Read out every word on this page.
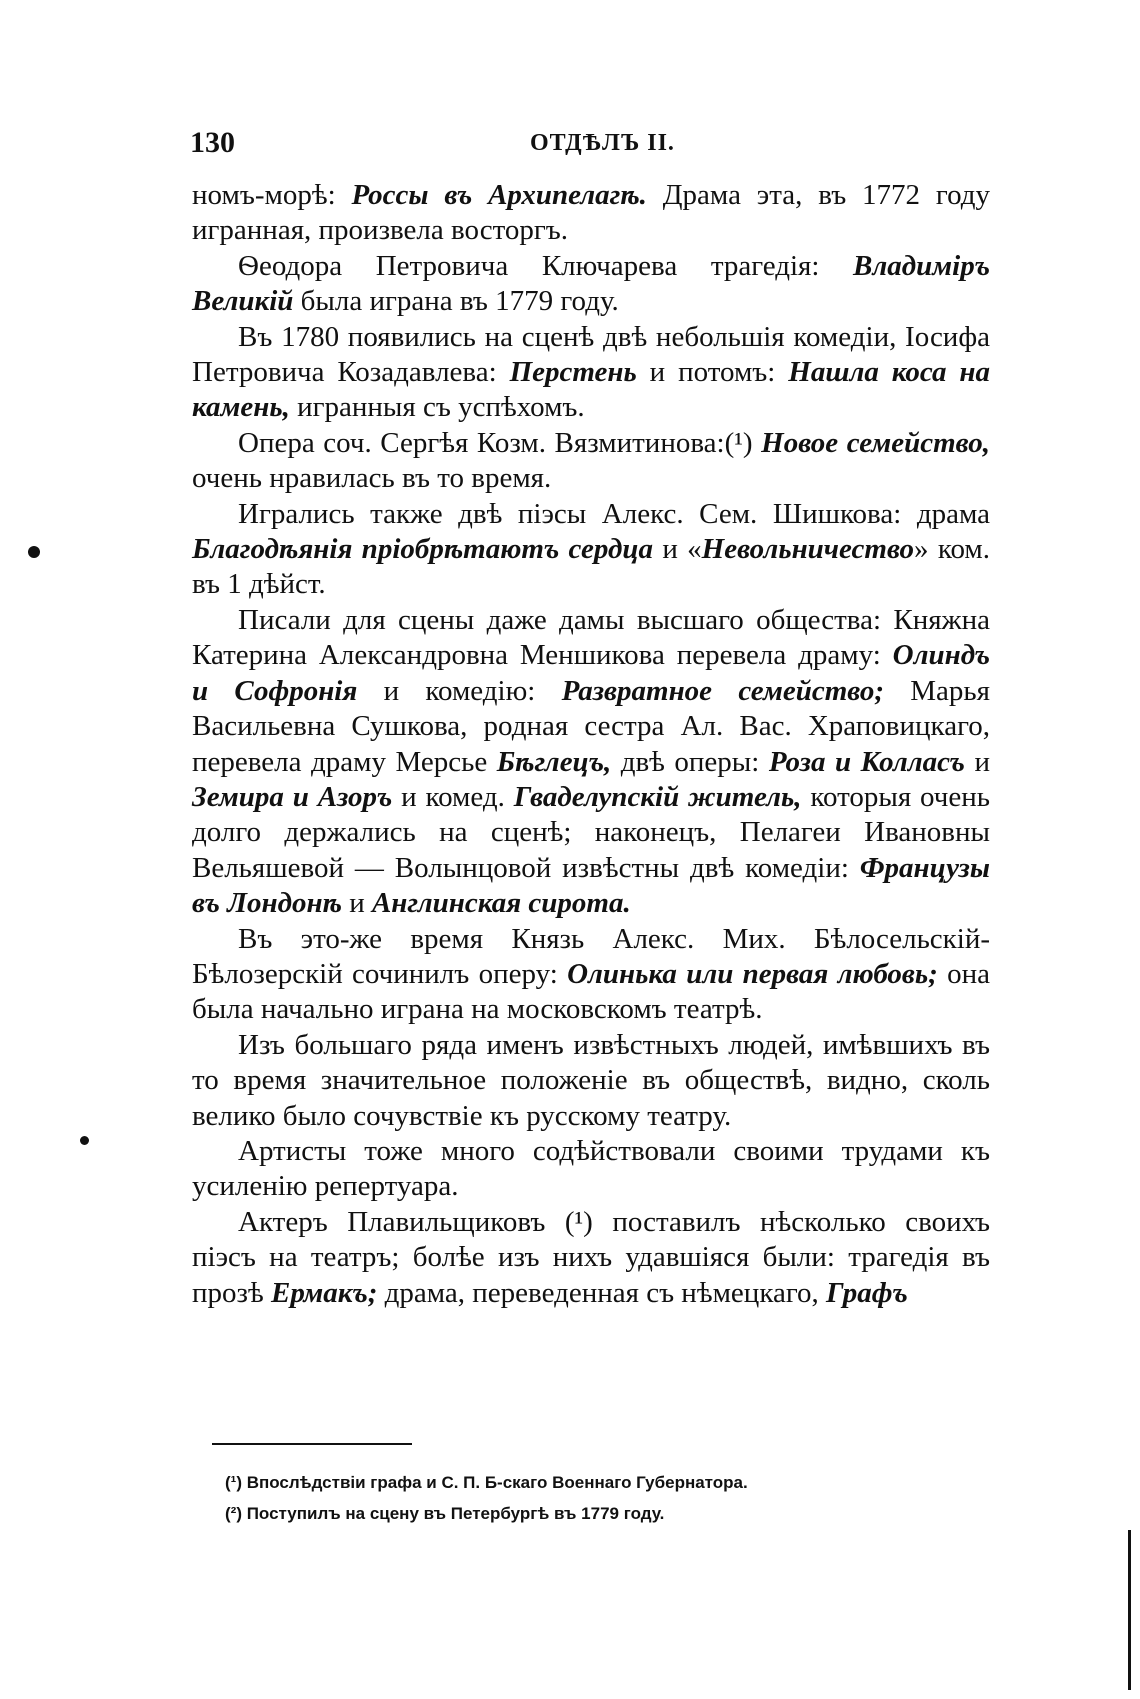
130	ОТДѢЛЪ II.

номъ-морѣ: Россы въ Архипелагѣ. Драма эта, въ 1772 году игранная, произвела восторгъ.

Ѳеодора Петровича Ключарева трагедія: Владимiръ Великiй была играна въ 1779 году.

Въ 1780 появились на сценѣ двѣ небольшія комедіи, Іосифа Петровича Козадавлева: Перстень и потомъ: Нашла коса на камень, игранныя съ успѣхомъ.

Опера соч. Сергѣя Козм. Вязмитинова:(¹) Новое семейство, очень нравилась въ то время.

Игрались также двѣ піэсы Алекс. Сем. Шишкова: драма Благодѣянія пріобрѣтаютъ сердца и «Невольничество» ком. въ 1 дѣйст.

Писали для сцены даже дамы высшаго общества: Княжна Катерина Александровна Меншикова перевела драму: Олиндъ и Софронія и комедію: Развратное семейство; Марья Васильевна Сушкова, родная сестра Ал. Вас. Храповицкаго, перевела драму Мерсье Бѣглецъ, двѣ оперы: Роза и Колласъ и Земира и Азоръ и комед. Гваделупскій житель, которыя очень долго держались на сценѣ; наконецъ, Пелагеи Ивановны Вельяшевой — Волынцовой извѣстны двѣ комедіи: Французы въ Лондонѣ и Англинская сирота.

Въ это-же время Князь Алекс. Мих. Бѣлосельскій-Бѣлозерскій сочинилъ оперу: Олинька или первая любовь; она была начально играна на московскомъ театрѣ.

Изъ большаго ряда именъ извѣстныхъ людей, имѣвшихъ въ то время значительное положеніе въ обществѣ, видно, сколь велико было сочувствіе къ русскому театру.

Артисты тоже много содѣйствовали своими трудами къ усиленію репертуара.

Актеръ Плавильщиковъ (¹) поставилъ нѣсколько своихъ піэсъ на театръ; болѣе изъ нихъ удавшіяся были: трагедія въ прозѣ Ермакъ; драма, переведенная съ нѣмецкаго, Графъ

(¹) Впослѣдствіи графа и С. П. Б-скаго Военнаго Губернатора.

(²) Поступилъ на сцену въ Петербургѣ въ 1779 году.
